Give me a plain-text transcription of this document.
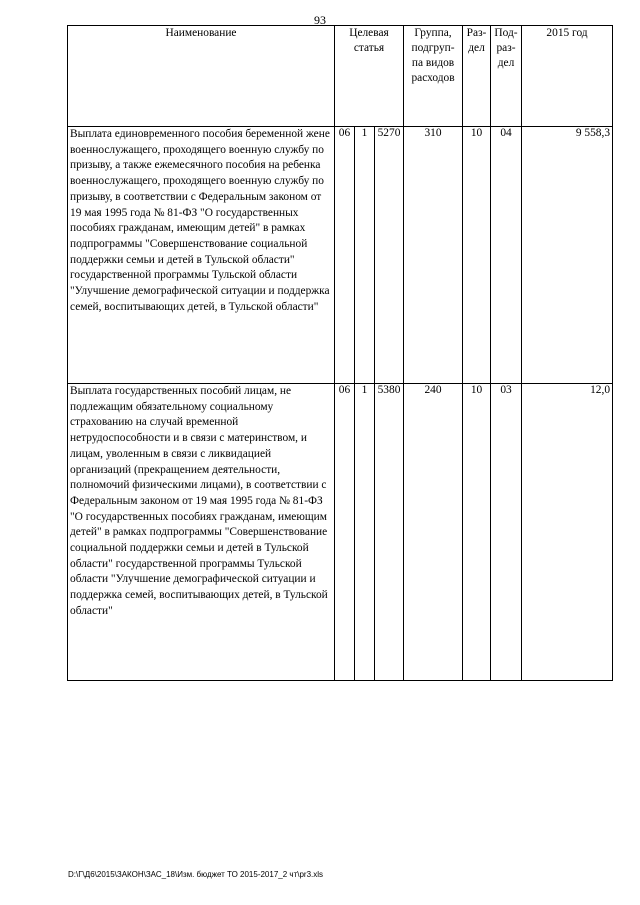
93
Наименование	Целевая статья			Группа, подгруп-па видов расходов	Раз-дел	Под-раз-дел	2015 год
Выплата единовременного пособия беременной жене военнослужащего, проходящего военную службу по призыву, а также ежемесячного пособия на ребенка военнослужащего, проходящего военную службу по призыву, в соответствии с Федеральным законом от 19 мая 1995 года № 81-ФЗ "О государственных пособиях гражданам, имеющим детей" в рамках подпрограммы "Совершенствование социальной поддержки семьи и детей в Тульской области" государственной программы Тульской области "Улучшение демографической ситуации и поддержка семей, воспитывающих детей, в Тульской области"	06	1	5270	310	10	04	9 558,3
Выплата государственных пособий лицам, не подлежащим обязательному социальному страхованию на случай временной нетрудоспособности и в связи с материнством, и лицам, уволенным в связи с ликвидацией организаций (прекращением деятельности, полномочий физическими лицами), в соответствии с Федеральным законом от 19 мая 1995 года № 81-ФЗ "О государственных пособиях гражданам, имеющим детей" в рамках подпрограммы "Совершенствование социальной поддержки семьи и детей в Тульской области" государственной программы Тульской области "Улучшение демографической ситуации и поддержка семей, воспитывающих детей, в Тульской области"	06	1	5380	240	10	03	12,0
D:\Г\Д6\2015\ЗАКОН\ЗАС_18\Изм. бюджет ТО 2015-2017_2 чт\pr3.xls
